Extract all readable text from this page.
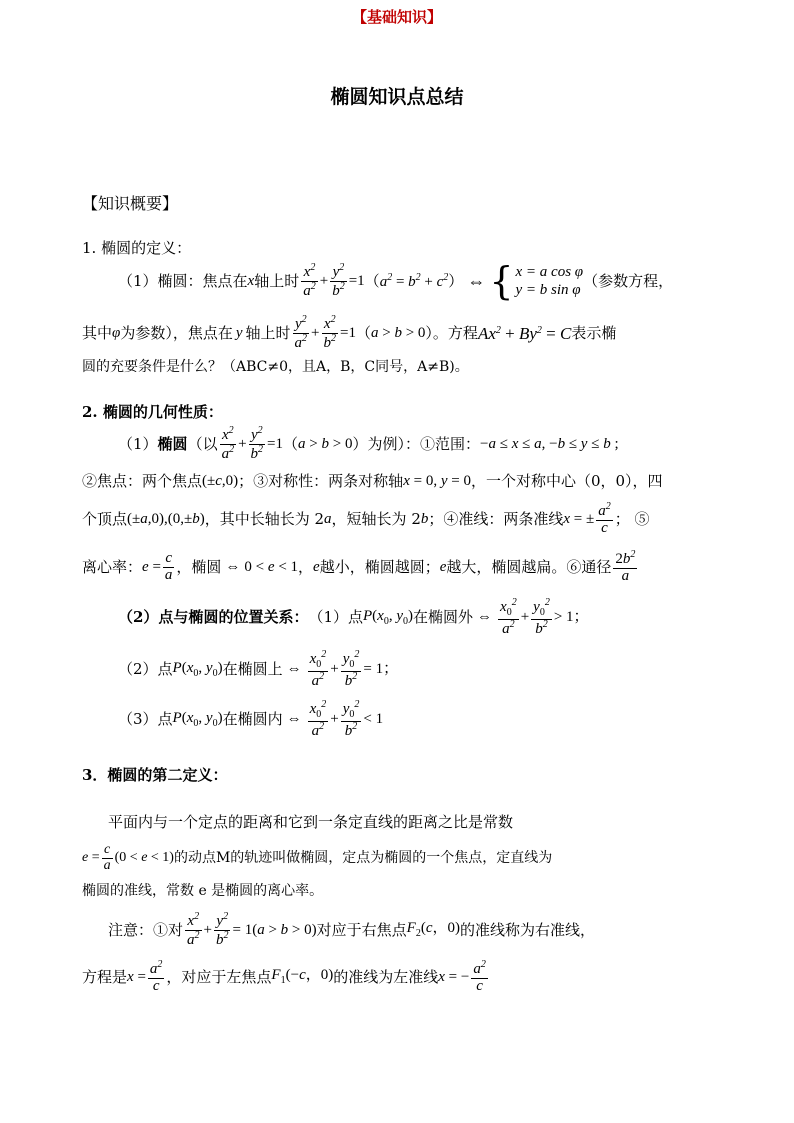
【基础知识】
椭圆知识点总结
【知识概要】
1. 椭圆的定义：
（1）椭圆：焦点在 x 轴上时 $\frac{x^2}{a^2} + \frac{y^2}{b^2} =1$ （ $a^2 = b^2 + c^2$ ） ⇔ { x = a cos φ
y = b sin φ
（参数方程，
其中 φ 为参数），焦点在 y 轴上时 $\frac{y^2}{a^2} + \frac{x^2}{b^2} =1$ （ a > b > 0 ）。方程 $Ax^2 + By^2 = C$ 表示椭
圆的充要条件是什么？（ABC≠0，且A，B，C同号，A≠B)。
2. 椭圆的几何性质：
（1） 椭圆 （以 $\frac{x^2}{a^2} + \frac{y^2}{b^2} =1$ （ a > b > 0 ）为例）：①范围： −a ≤ x ≤ a, −b ≤ y ≤ b ;
②焦点：两个焦点 (±c,0) ；③对称性：两条对称轴 x = 0, y = 0 ，一个对称中心（0，0），四
个顶点 (±a,0),(0,±b) ，其中长轴长为 2 a ，短轴长为 2 b ；④准线：两条准线 x = ± $\frac{a^2}{c}$ ； ⑤
离心率： $e = \frac{c}{a}$ ，椭圆 ⇔ 0 < e < 1 ， e 越小，椭圆越圆； e 越大，椭圆越扁。⑥通径 $\frac{2b^2}{a}$
（2）点与椭圆的位置关系： （1）点 $P(x_0$, $y_0$) 在椭圆外 ⇔ $\frac{x_0^2}{a^2} + \frac{y_0^2}{b^2} > 1$；
（2）点 $P(x_0$, $y_0$) 在椭圆上 ⇔ $\frac{x_0^2}{a^2} + \frac{y_0^2}{b^2} = 1$；
（3）点 $P(x_0$, $y_0$) 在椭圆内 ⇔ $\frac{x_0^2}{a^2} + \frac{y_0^2}{b^2} < 1$
3．椭圆的第二定义：
平面内与一个定点的距离和它到一条定直线的距离之比是常数
$e = \frac{c}{a} (0 < e < 1)$ 的动点M的轨迹叫做椭圆，定点为椭圆的一个焦点，定直线为
椭圆的准线，常数 e 是椭圆的离心率。
注意：①对 $\frac{x^2}{a^2} + \frac{y^2}{b^2} = 1(a > b > 0)$ 对应于右焦点 $F_2(c$，0) 的准线称为右准线，
方程是 $x = \frac{a^2}{c}$ ，对应于左焦点 $F_1(-c$，0) 的准线为左准线 x = − $\frac{a^2}{c}$
